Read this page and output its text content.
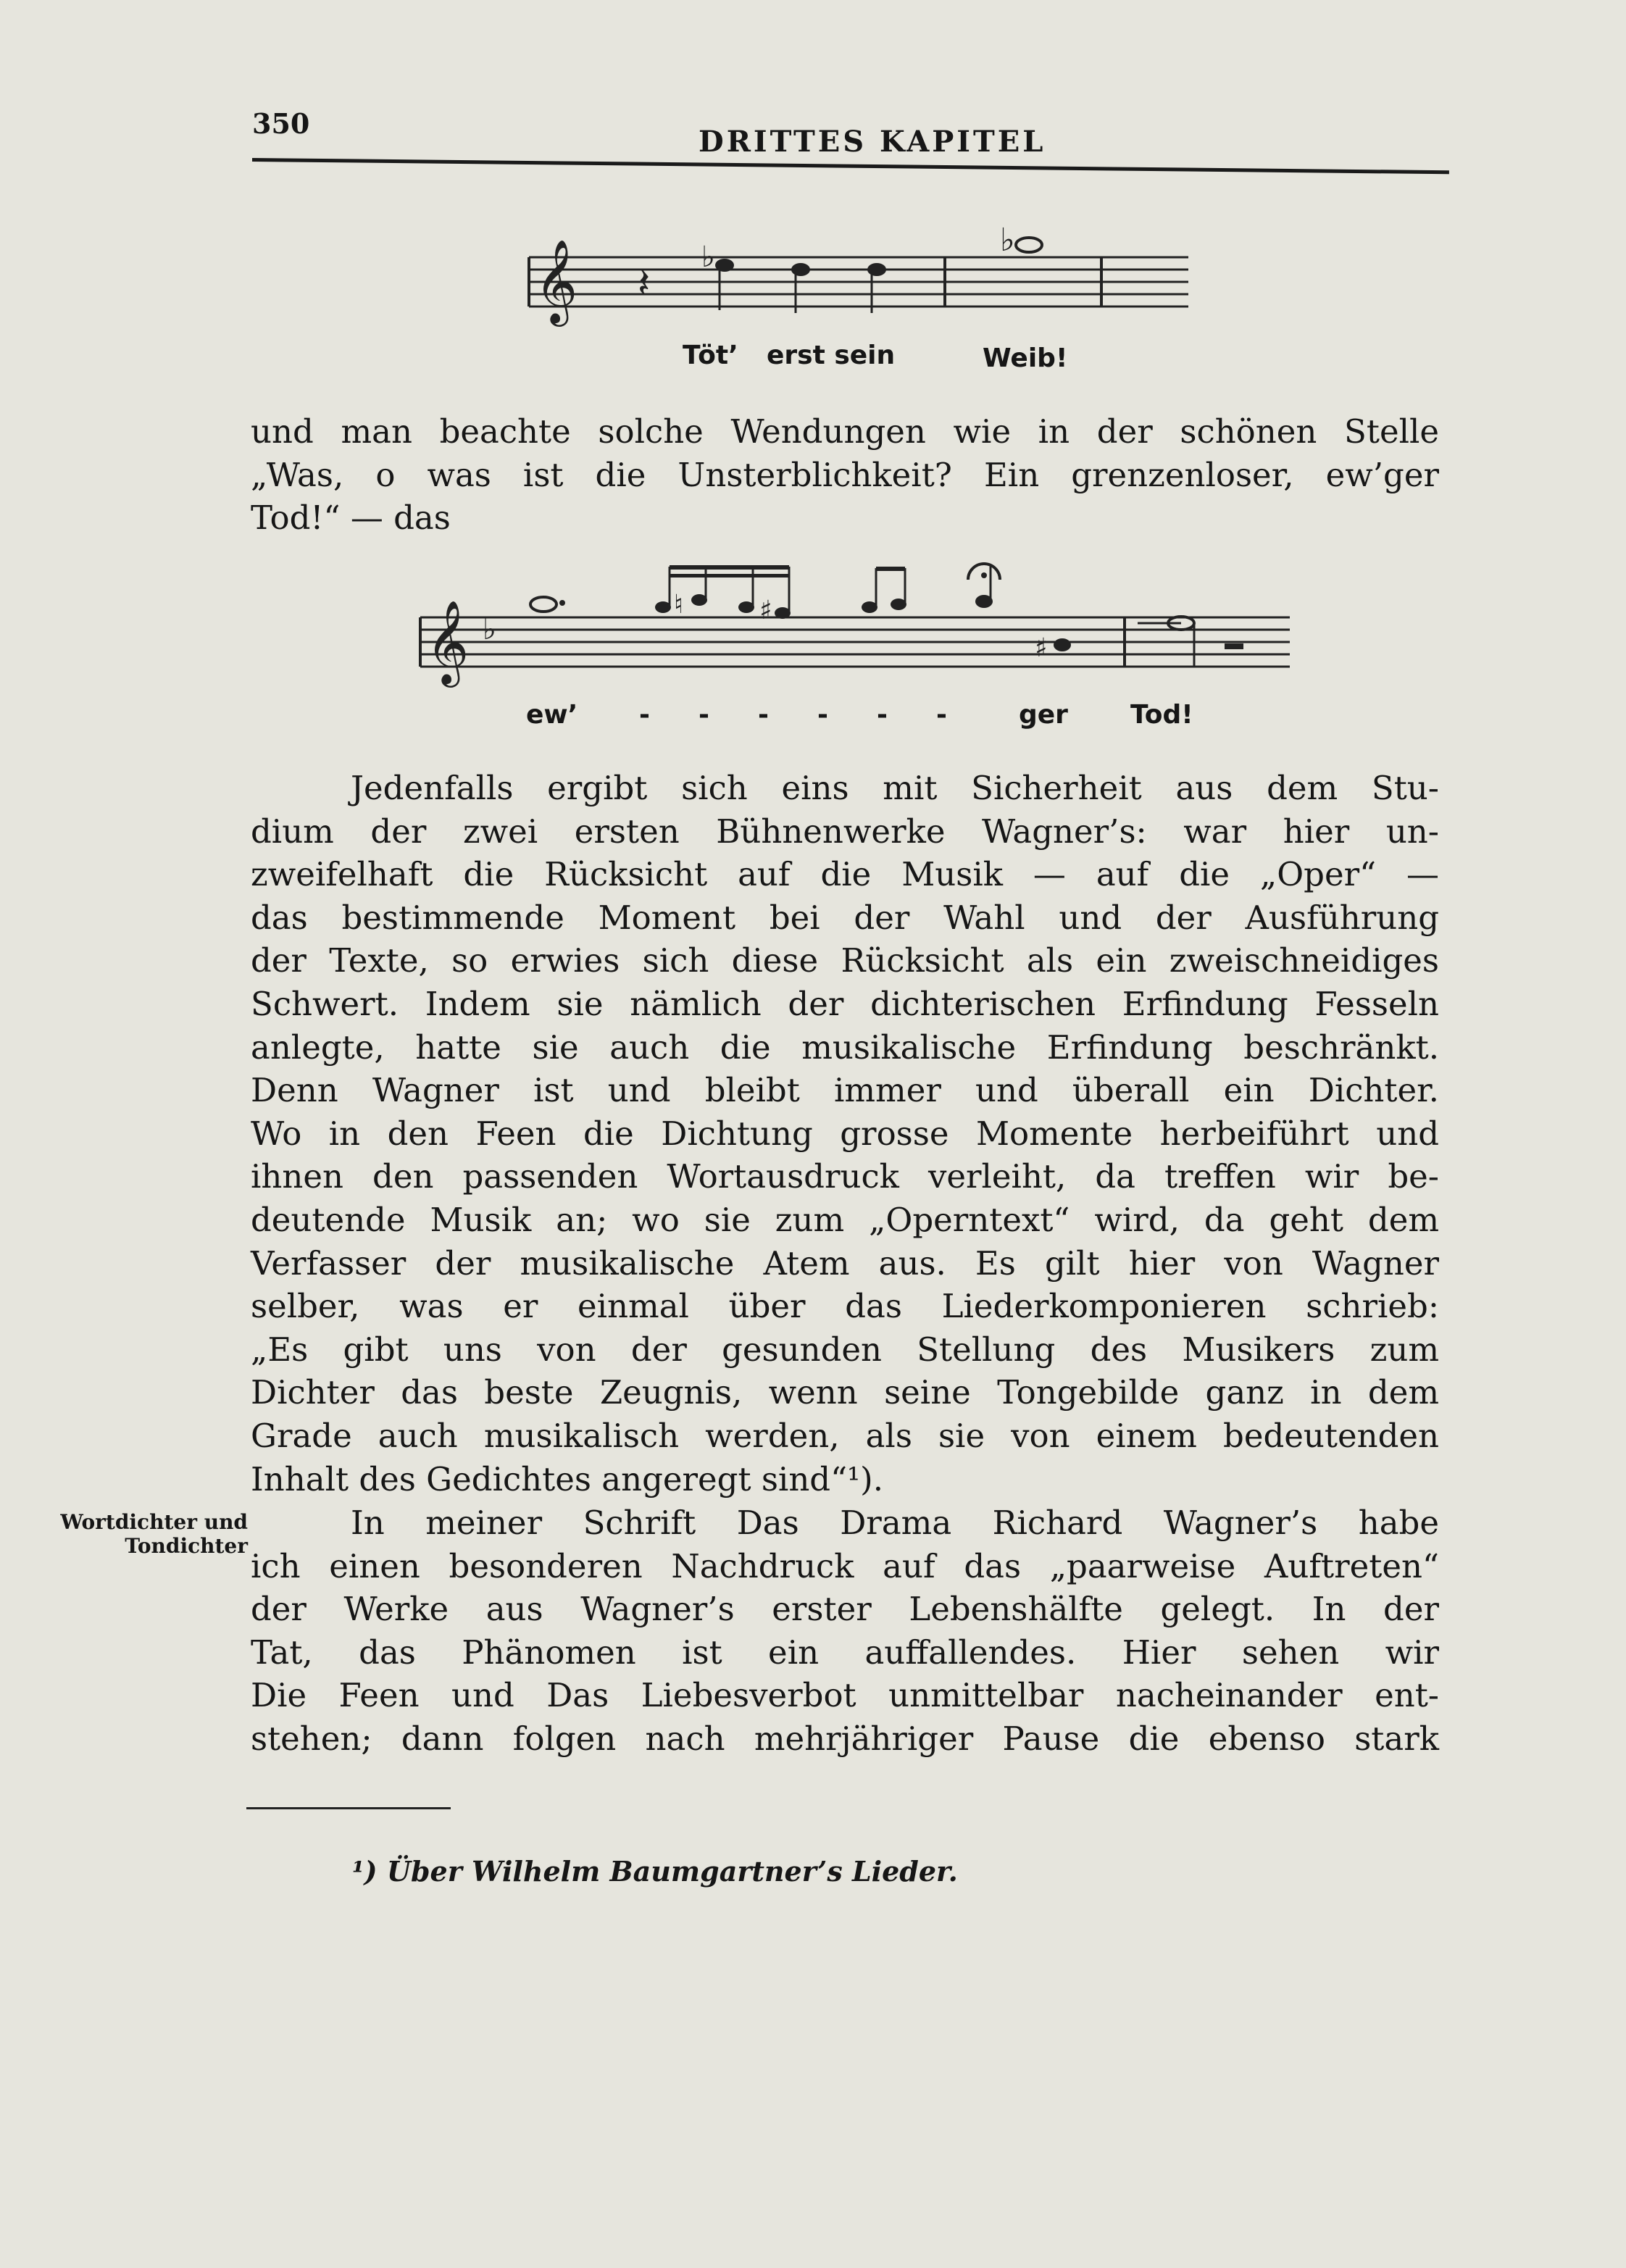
350
DRITTES KAPITEL
𝄞 𝄽
♭	♭
Töt’ erst sein	Weib!
und man beachte solche Wendungen wie in der schönen Stelle
„Was, o was ist die Unsterblichkeit? Ein grenzenloser, ew’ger
Tod!“ — das
𝄞 ♭
♮	♯
♯
ew’ - - - - - -	ger Tod!
Jedenfalls ergibt sich eins mit Sicherheit aus dem Stu-
dium der zwei ersten Bühnenwerke Wagner’s: war hier un-
zweifelhaft die Rücksicht auf die Musik — auf die „Oper“ —
das bestimmende Moment bei der Wahl und der Ausführung
der Texte, so erwies sich diese Rücksicht als ein zweischneidiges
Schwert. Indem sie nämlich der dichterischen Erfindung Fesseln
anlegte, hatte sie auch die musikalische Erfindung beschränkt.
Denn Wagner ist und bleibt immer und überall ein Dichter.
Wo in den Feen die Dichtung grosse Momente herbeiführt und
ihnen den passenden Wortausdruck verleiht, da treffen wir be-
deutende Musik an; wo sie zum „Operntext“ wird, da geht dem
Verfasser der musikalische Atem aus. Es gilt hier von Wagner
selber, was er einmal über das Liederkomponieren schrieb:
„Es gibt uns von der gesunden Stellung des Musikers zum
Dichter das beste Zeugnis, wenn seine Tongebilde ganz in dem
Grade auch musikalisch werden, als sie von einem bedeutenden
Inhalt des Gedichtes angeregt sind“¹).
Wortdichter und
Tondichter
In meiner Schrift Das Drama Richard Wagner’s habe
ich einen besonderen Nachdruck auf das „paarweise Auftreten“
der Werke aus Wagner’s erster Lebenshälfte gelegt. In der
Tat, das Phänomen ist ein auffallendes. Hier sehen wir
Die Feen und Das Liebesverbot unmittelbar nacheinander ent-
stehen; dann folgen nach mehrjähriger Pause die ebenso stark
¹) Über Wilhelm Baumgartner’s Lieder.
